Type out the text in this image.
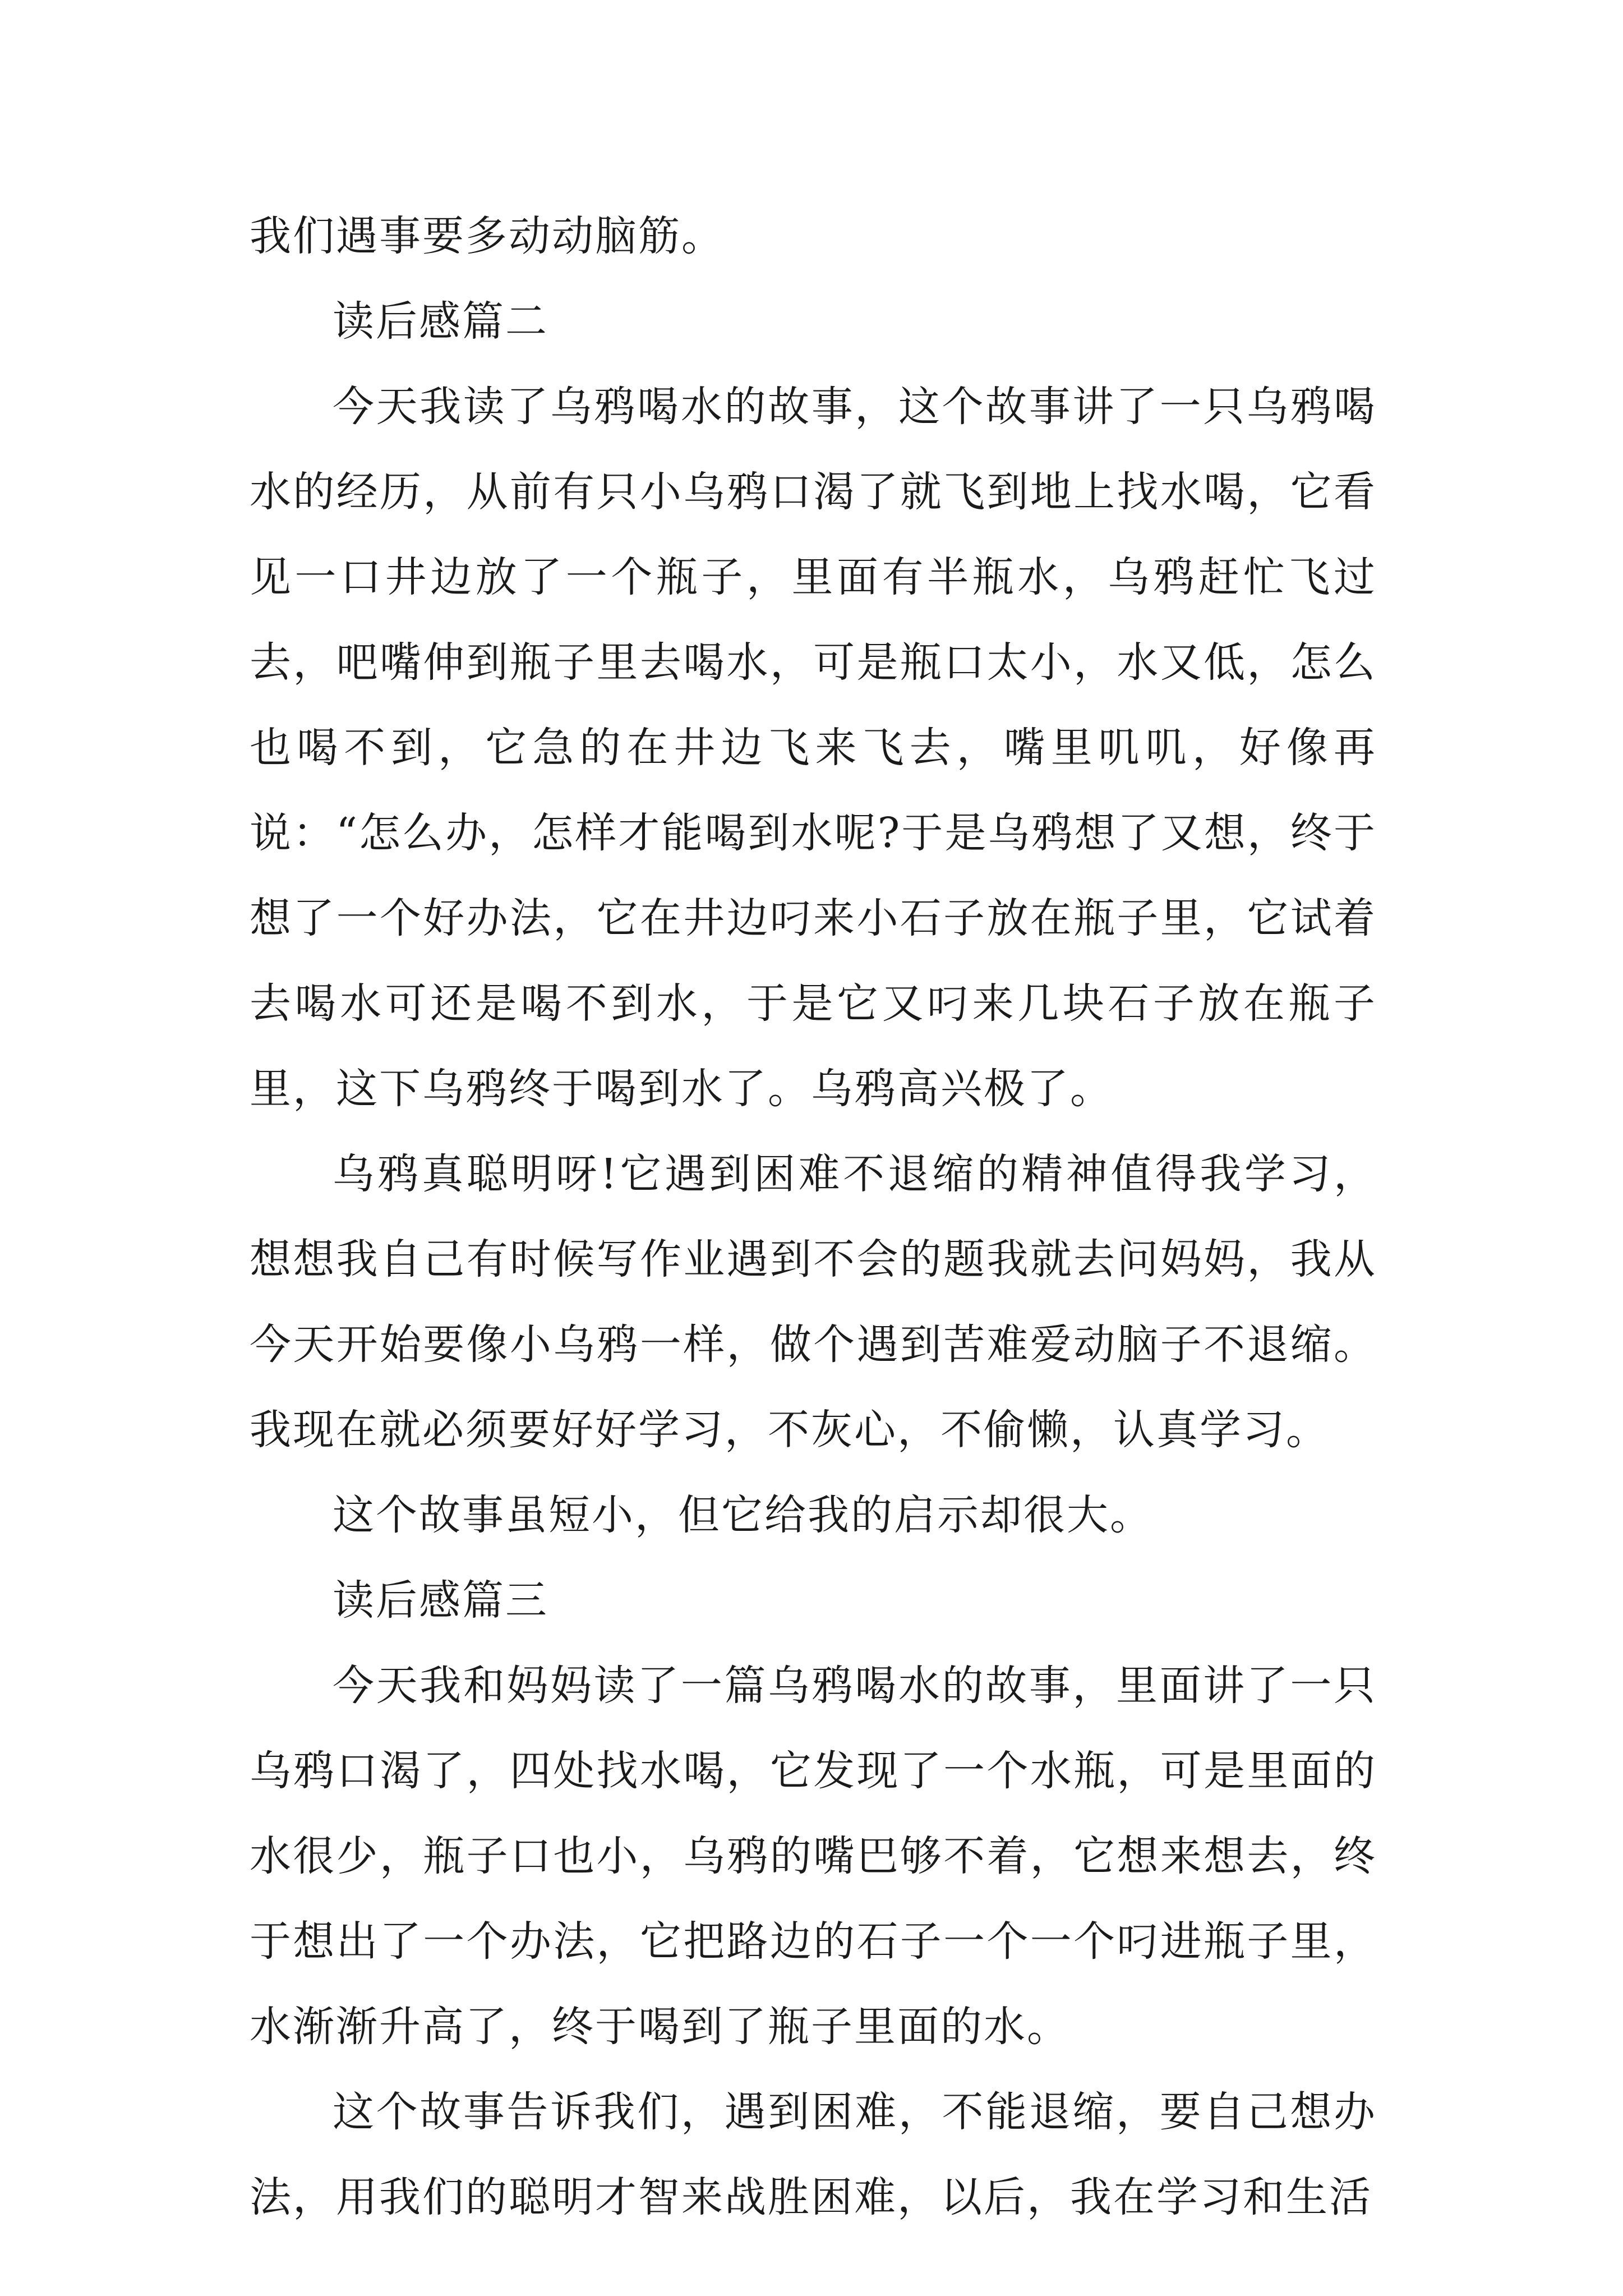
我们遇事要多动动脑筋。

读后感篇二

今天我读了乌鸦喝水的故事，这个故事讲了一只乌鸦喝水的经历，从前有只小乌鸦口渴了就飞到地上找水喝，它看见一口井边放了一个瓶子，里面有半瓶水，乌鸦赶忙飞过去，吧嘴伸到瓶子里去喝水，可是瓶口太小，水又低，怎么也喝不到，它急的在井边飞来飞去，嘴里叽叽，好像再说：“怎么办，怎样才能喝到水呢?于是乌鸦想了又想，终于想了一个好办法，它在井边叼来小石子放在瓶子里，它试着去喝水可还是喝不到水，于是它又叼来几块石子放在瓶子里，这下乌鸦终于喝到水了。乌鸦高兴极了。

乌鸦真聪明呀!它遇到困难不退缩的精神值得我学习，想想我自己有时候写作业遇到不会的题我就去问妈妈，我从今天开始要像小乌鸦一样，做个遇到苦难爱动脑子不退缩。我现在就必须要好好学习，不灰心，不偷懒，认真学习。

这个故事虽短小，但它给我的启示却很大。

读后感篇三

今天我和妈妈读了一篇乌鸦喝水的故事，里面讲了一只乌鸦口渴了，四处找水喝，它发现了一个水瓶，可是里面的水很少，瓶子口也小，乌鸦的嘴巴够不着，它想来想去，终于想出了一个办法，它把路边的石子一个一个叼进瓶子里，水渐渐升高了，终于喝到了瓶子里面的水。

这个故事告诉我们，遇到困难，不能退缩，要自己想办法，用我们的聪明才智来战胜困难，以后，我在学习和生活
